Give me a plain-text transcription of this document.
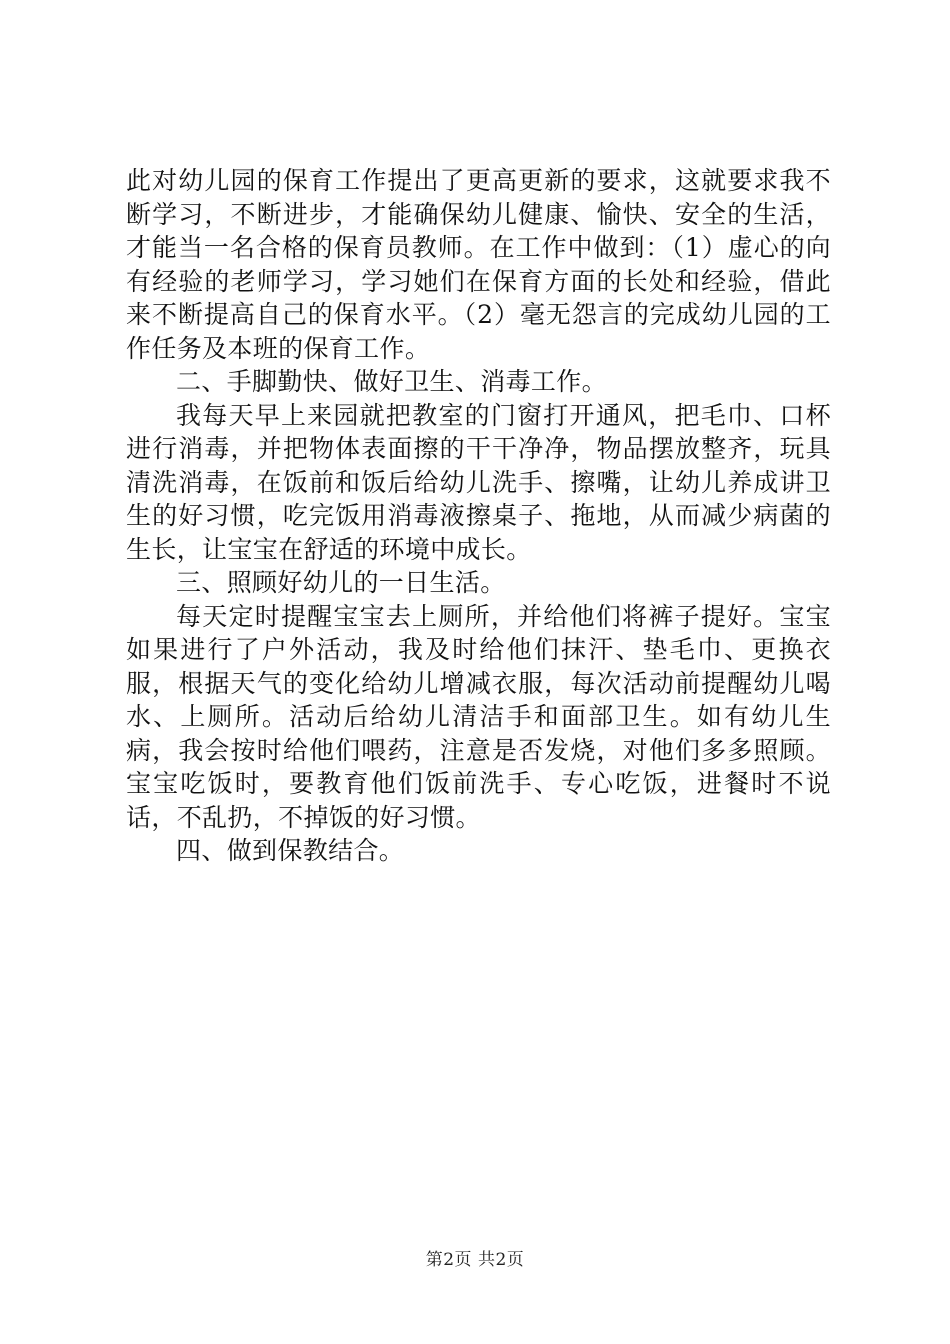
此对幼儿园的保育工作提出了更高更新的要求，这就要求我不断学习，不断进步，才能确保幼儿健康、愉快、安全的生活，才能当一名合格的保育员教师。在工作中做到：（1）虚心的向有经验的老师学习，学习她们在保育方面的长处和经验，借此来不断提高自己的保育水平。（2）毫无怨言的完成幼儿园的工作任务及本班的保育工作。

二、手脚勤快、做好卫生、消毒工作。

我每天早上来园就把教室的门窗打开通风，把毛巾、口杯进行消毒，并把物体表面擦的干干净净，物品摆放整齐，玩具清洗消毒，在饭前和饭后给幼儿洗手、擦嘴，让幼儿养成讲卫生的好习惯，吃完饭用消毒液擦桌子、拖地，从而减少病菌的生长，让宝宝在舒适的环境中成长。

三、照顾好幼儿的一日生活。

每天定时提醒宝宝去上厕所，并给他们将裤子提好。宝宝如果进行了户外活动，我及时给他们抹汗、垫毛巾、更换衣服，根据天气的变化给幼儿增减衣服，每次活动前提醒幼儿喝水、上厕所。活动后给幼儿清洁手和面部卫生。如有幼儿生病，我会按时给他们喂药，注意是否发烧，对他们多多照顾。宝宝吃饭时，要教育他们饭前洗手、专心吃饭，进餐时不说话，不乱扔，不掉饭的好习惯。

四、做到保教结合。

第2页 共2页
